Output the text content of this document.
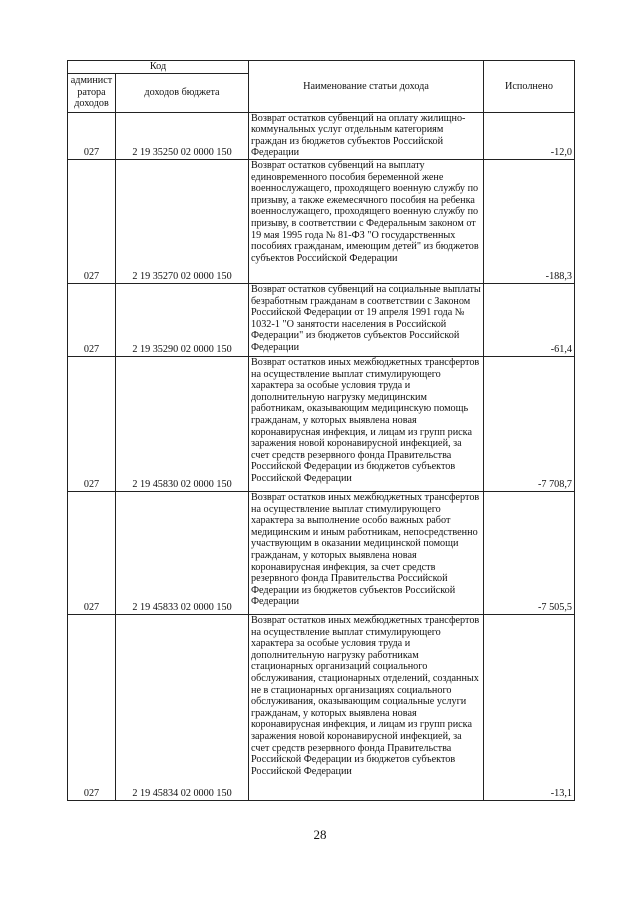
Код		Наименование статьи дохода	Исполнено
админист
ратора
доходов	доходов бюджета		
027	2 19 35250 02 0000 150	Возврат остатков субвенций на оплату жилищно-коммунальных услуг отдельным категориям граждан из бюджетов субъектов Российской Федерации	-12,0
027	2 19 35270 02 0000 150	Возврат остатков субвенций на выплату единовременного пособия беременной жене военнослужащего, проходящего военную службу по призыву, а также ежемесячного пособия на ребенка военнослужащего, проходящего военную службу по призыву, в соответствии с Федеральным законом от 19 мая 1995 года № 81-ФЗ "О государственных пособиях гражданам, имеющим детей" из бюджетов субъектов Российской Федерации	-188,3
027	2 19 35290 02 0000 150	Возврат остатков субвенций на социальные выплаты безработным гражданам в соответствии с Законом Российской Федерации от 19 апреля 1991 года № 1032-1 "О занятости населения в Российской Федерации" из бюджетов субъектов Российской Федерации	-61,4
027	2 19 45830 02 0000 150	Возврат остатков иных межбюджетных трансфертов на осуществление выплат стимулирующего характера за особые условия труда и дополнительную нагрузку медицинским работникам, оказывающим медицинскую помощь гражданам, у которых выявлена новая коронавирусная инфекция, и лицам из групп риска заражения новой коронавирусной инфекцией, за счет средств резервного фонда Правительства Российской Федерации из бюджетов субъектов Российской Федерации	-7 708,7
027	2 19 45833 02 0000 150	Возврат остатков иных межбюджетных трансфертов на осуществление выплат стимулирующего характера за выполнение особо важных работ медицинским и иным работникам, непосредственно участвующим в оказании медицинской помощи гражданам, у которых выявлена новая коронавирусная инфекция, за счет средств резервного фонда Правительства Российской Федерации из бюджетов субъектов Российской Федерации	-7 505,5
027	2 19 45834 02 0000 150	Возврат остатков иных межбюджетных трансфертов на осуществление выплат стимулирующего характера за особые условия труда и дополнительную нагрузку работникам стационарных организаций социального обслуживания, стационарных отделений, созданных не в стационарных организациях социального обслуживания, оказывающим социальные услуги гражданам, у которых выявлена новая коронавирусная инфекция, и лицам из групп риска заражения новой коронавирусной инфекцией, за счет средств резервного фонда Правительства Российской Федерации из бюджетов субъектов Российской Федерации	-13,1
28
